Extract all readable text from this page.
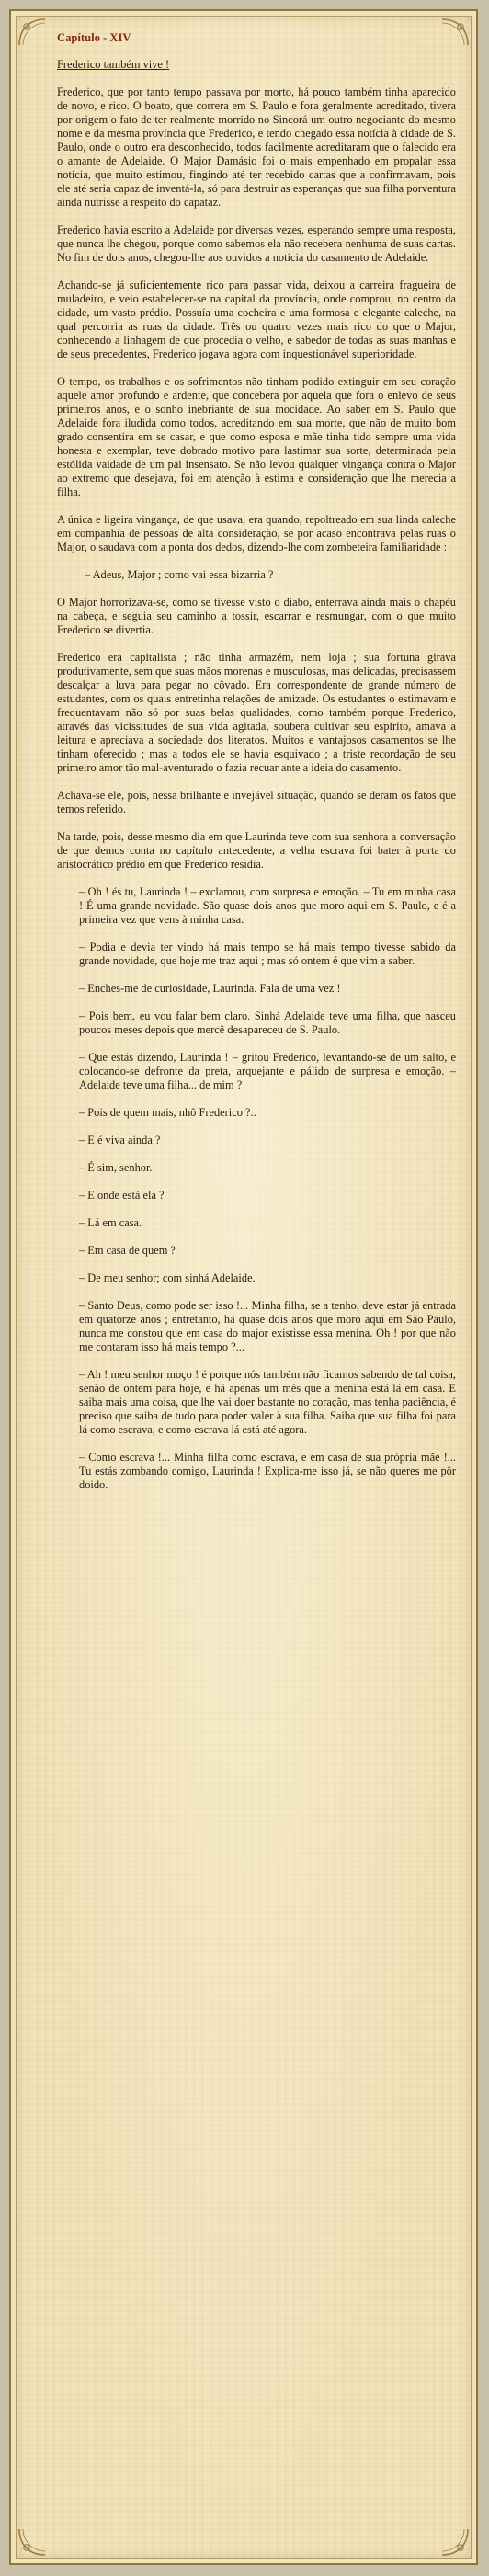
Capítulo - XIV
Frederico também vive !

Frederico, que por tanto tempo passava por morto, há pouco também tinha aparecido de novo, e rico. O boato, que correra em S. Paulo e fora geralmente acreditado, tivera por origem o fato de ter realmente morrido no Sincorá um outro negociante do mesmo nome e da mesma província que Frederico, e tendo chegado essa notícia à cidade de S. Paulo, onde o outro era desconhecido, todos facilmente acreditaram que o falecido era o amante de Adelaide. O Major Damásio foi o mais empenhado em propalar essa notícia, que muito estimou, fingindo até ter recebido cartas que a confirmavam, pois ele até seria capaz de inventá-la, só para destruir as esperanças que sua filha porventura ainda nutrisse a respeito do capataz.

Frederico havia escrito a Adelaide por diversas vezes, esperando sempre uma resposta, que nunca lhe chegou, porque como sabemos ela não recebera nenhuma de suas cartas. No fim de dois anos, chegou-lhe aos ouvidos a notícia do casamento de Adelaide.

Achando-se já suficientemente rico para passar vida, deixou a carreira fragueira de muladeiro, e veio estabelecer-se na capital da província, onde comprou, no centro da cidade, um vasto prédio. Possuía uma cocheira e uma formosa e elegante caleche, na qual percorria as ruas da cidade. Três ou quatro vezes mais rico do que o Major, conhecendo a linhagem de que procedia o velho, e sabedor de todas as suas manhas e de seus precedentes, Frederico jogava agora com inquestionável superioridade.

O tempo, os trabalhos e os sofrimentos não tinham podido extinguir em seu coração aquele amor profundo e ardente, que concebera por aquela que fora o enlevo de seus primeiros anos, e o sonho inebriante de sua mocidade. Ao saber em S. Paulo que Adelaide fora iludida como todos, acreditando em sua morte, que não de muito bom grado consentira em se casar, e que como esposa e mãe tinha tido sempre uma vida honesta e exemplar, teve dobrado motivo para lastimar sua sorte, determinada pela estólida vaidade de um pai insensato. Se não levou qualquer vingança contra o Major ao extremo que desejava, foi em atenção à estima e consideração que lhe merecia a filha.

A única e ligeira vingança, de que usava, era quando, repoltreado em sua linda caleche em companhia de pessoas de alta consideração, se por acaso encontrava pelas ruas o Major, o saudava com a ponta dos dedos, dizendo-lhe com zombeteira familiaridade :

– Adeus, Major ; como vai essa bizarria ?

O Major horrorizava-se, como se tivesse visto o diabo, enterrava ainda mais o chapéu na cabeça, e seguia seu caminho a tossir, escarrar e resmungar, com o que muito Frederico se divertia.

Frederico era capitalista ; não tinha armazém, nem loja ; sua fortuna girava produtivamente, sem que suas mãos morenas e musculosas, mas delicadas, precisassem descalçar a luva para pegar no côvado. Era correspondente de grande número de estudantes, com os quais entretinha relações de amizade. Os estudantes o estimavam e frequentavam não só por suas belas qualidades, como também porque Frederico, através das vicissitudes de sua vida agitada, soubera cultivar seu espírito, amava a leitura e apreciava a sociedade dos literatos. Muitos e vantajosos casamentos se lhe tinham oferecido ; mas a todos ele se havia esquivado ; a triste recordação de seu primeiro amor tão mal-aventurado o fazia recuar ante a ideia do casamento.

Achava-se ele, pois, nessa brilhante e invejável situação, quando se deram os fatos que temos referido.

Na tarde, pois, desse mesmo dia em que Laurinda teve com sua senhora a conversação de que demos conta no capítulo antecedente, a velha escrava foi bater à porta do aristocrático prédio em que Frederico residia.

– Oh ! és tu, Laurinda ! – exclamou, com surpresa e emoção. – Tu em minha casa ! É uma grande novidade. São quase dois anos que moro aqui em S. Paulo, e é a primeira vez que vens à minha casa.

– Podia e devia ter vindo há mais tempo se há mais tempo tivesse sabido da grande novidade, que hoje me traz aqui ; mas só ontem é que vim a saber.

– Enches-me de curiosidade, Laurinda. Fala de uma vez !

– Pois bem, eu vou falar bem claro. Sinhá Adelaide teve uma filha, que nasceu poucos meses depois que mercê desapareceu de S. Paulo.

– Que estás dizendo, Laurinda ! – gritou Frederico, levantando-se de um salto, e colocando-se defronte da preta, arquejante e pálido de surpresa e emoção. – Adelaide teve uma filha... de mim ?

– Pois de quem mais, nhô Frederico ?..

– E é viva ainda ?

– É sim, senhor.

– E onde está ela ?

– Lá em casa.

– Em casa de quem ?

– De meu senhor; com sinhá Adelaide.

– Santo Deus, como pode ser isso !... Minha filha, se a tenho, deve estar já entrada em quatorze anos ; entretanto, há quase dois anos que moro aqui em São Paulo, nunca me constou que em casa do major existisse essa menina. Oh ! por que não me contaram isso há mais tempo ?...

– Ah ! meu senhor moço ! é porque nós também não ficamos sabendo de tal coisa, senão de ontem para hoje, e há apenas um mês que a menina está lá em casa. E saiba mais uma coisa, que lhe vai doer bastante no coração, mas tenha paciência, é preciso que saiba de tudo para poder valer à sua filha. Saiba que sua filha foi para lá como escrava, e como escrava lá está até agora.

– Como escrava !... Minha filha como escrava, e em casa de sua própria mãe !... Tu estás zombando comigo, Laurinda ! Explica-me isso já, se não queres me pôr doido.
